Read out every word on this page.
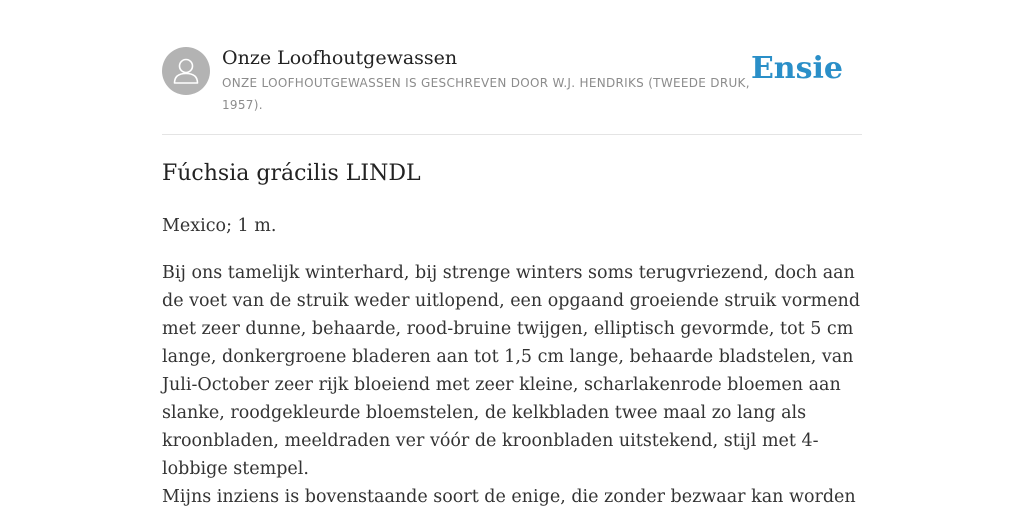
Onze Loofhoutgewassen
ONZE LOOFHOUTGEWASSEN IS GESCHREVEN DOOR W.J. HENDRIKS (TWEEDE DRUK, 1957).
Ensie
Fúchsia grácilis LINDL

Mexico; 1 m.

Bij ons tamelijk winterhard, bij strenge winters soms terugvriezend, doch aan de voet van de struik weder uitlopend, een opgaand groeiende struik vormend met zeer dunne, behaarde, rood-bruine twijgen, elliptisch gevormde, tot 5 cm lange, donkergroene bladeren aan tot 1,5 cm lange, behaarde bladstelen, van Juli-October zeer rijk bloeiend met zeer kleine, scharlakenrode bloemen aan slanke, roodgekleurde bloemstelen, de kelkbladen twee maal zo lang als kroonbladen, meeldraden ver vóór de kroonbladen uitstekend, stijl met 4-lobbige stempel.

Mijns inziens is bovenstaande soort de enige, die zonder bezwaar kan worden
